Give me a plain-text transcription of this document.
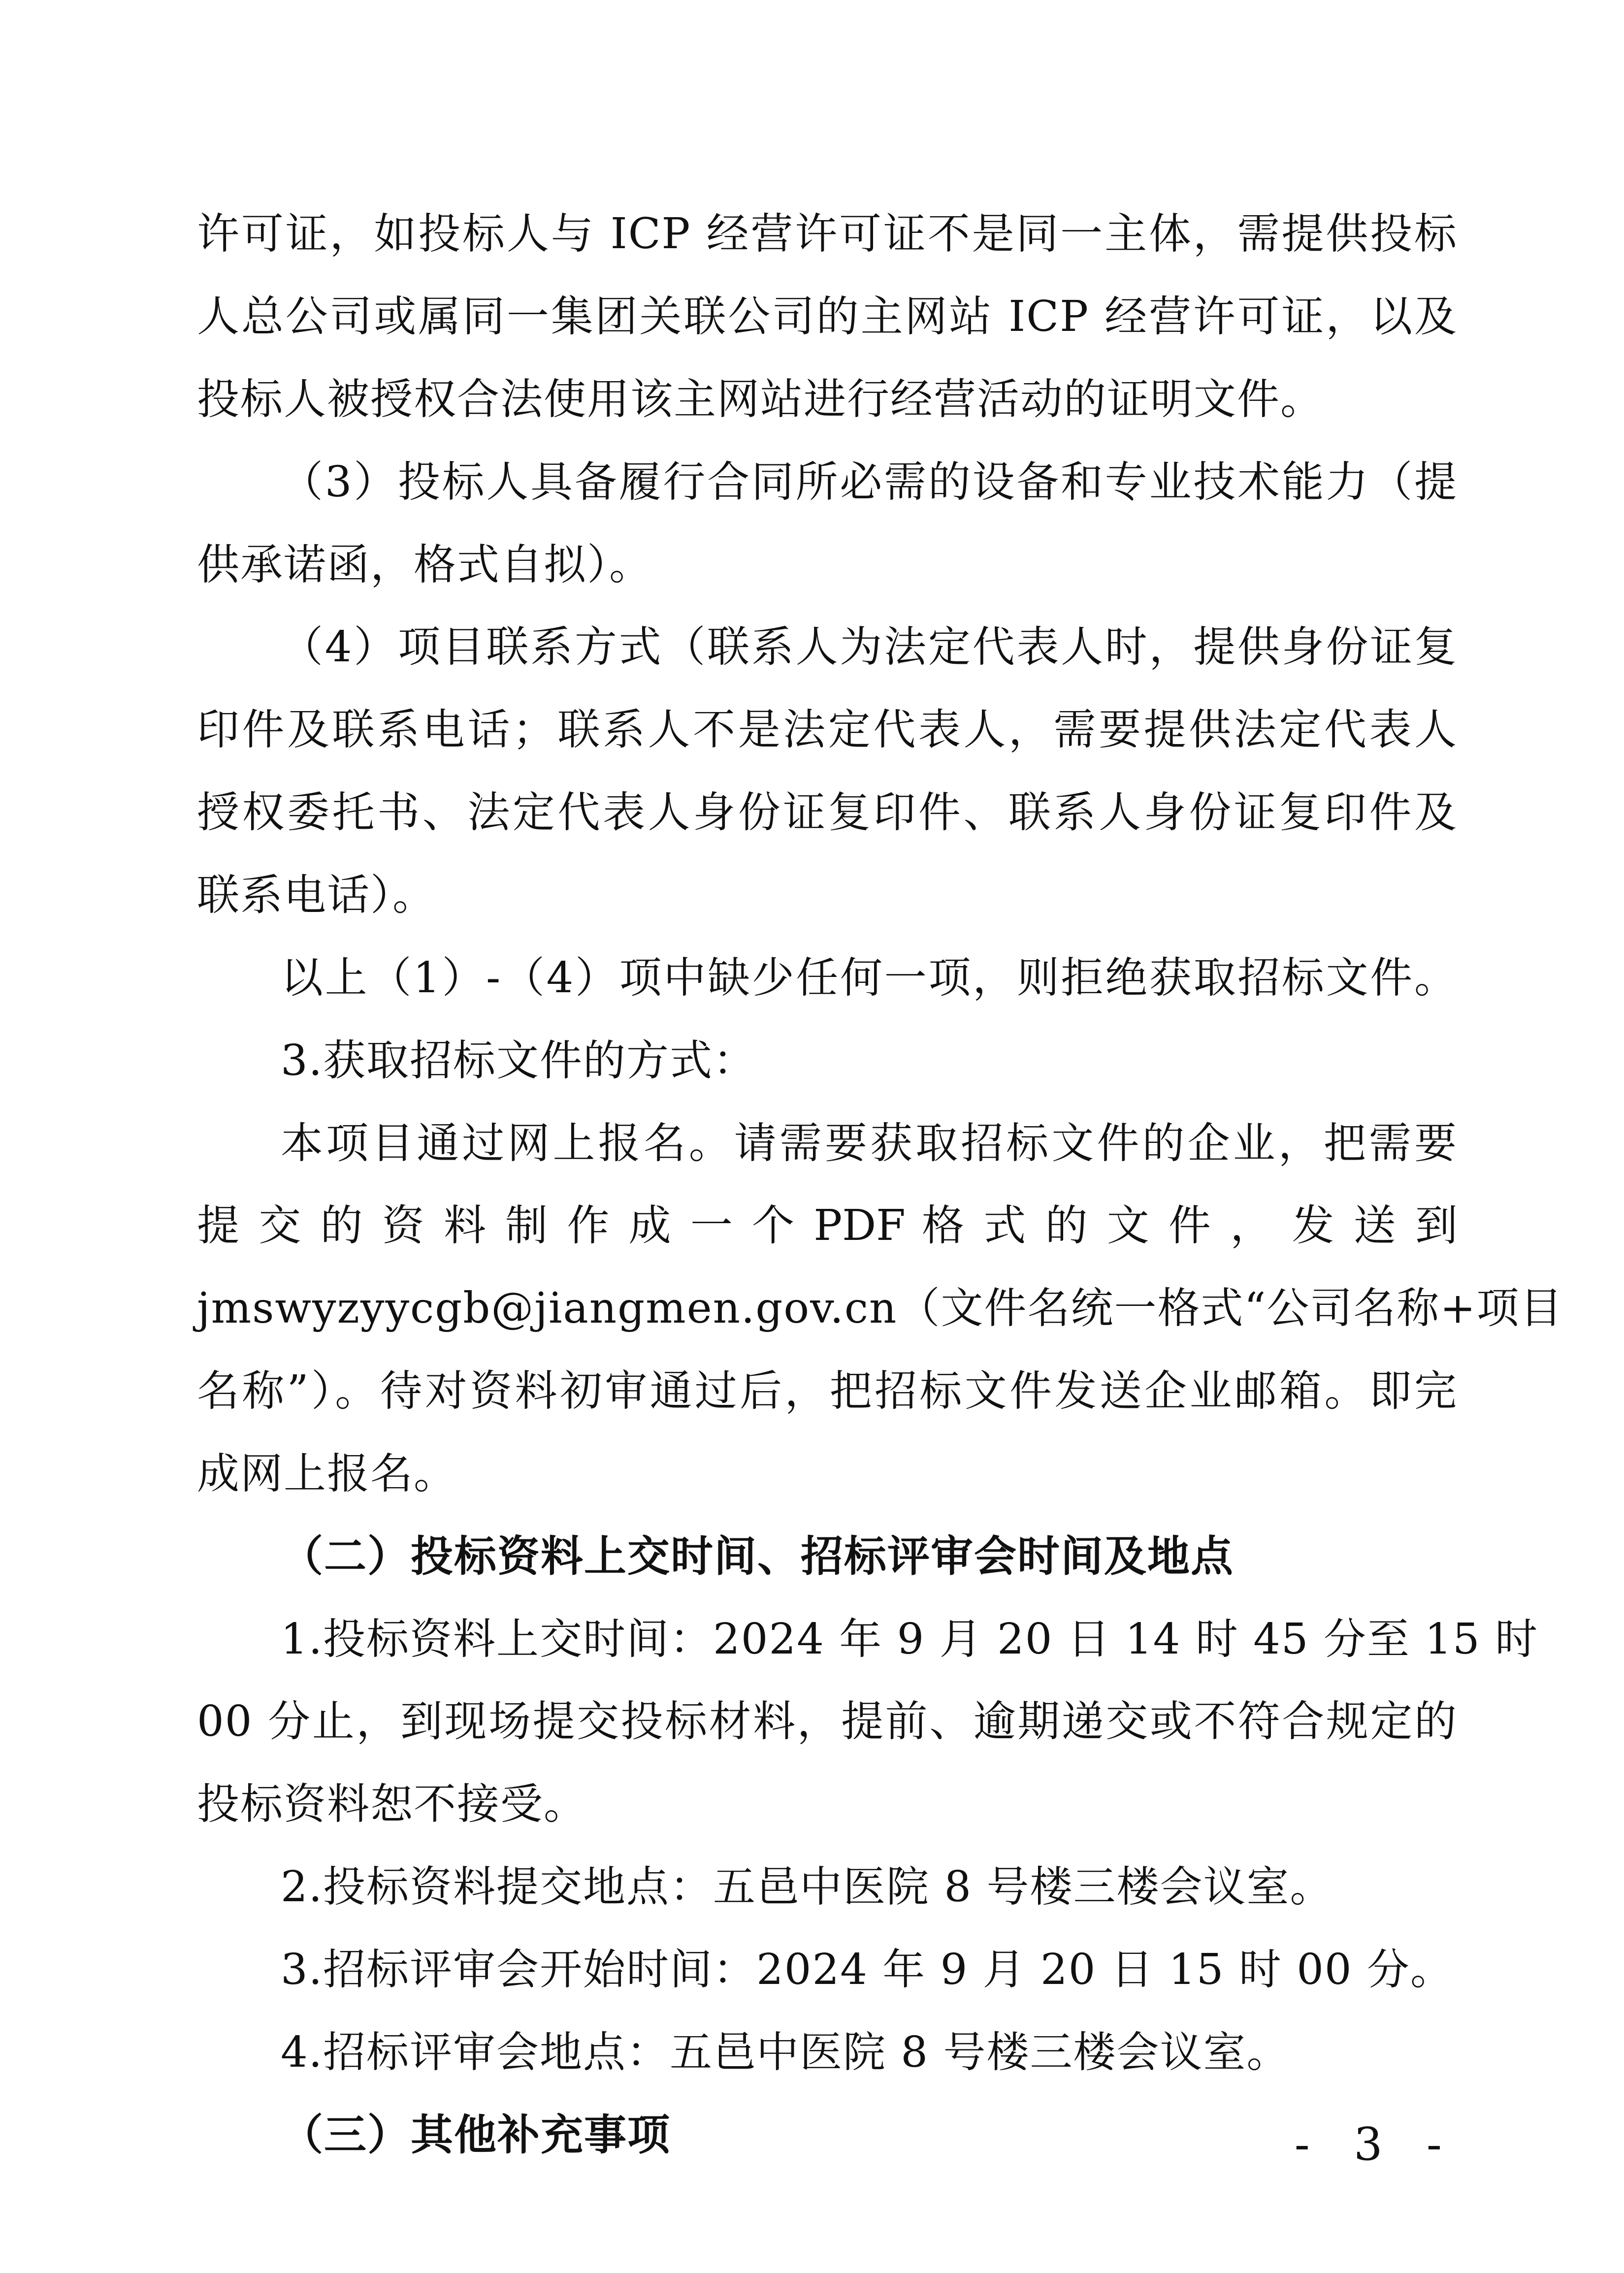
许可证，如投标人与 ICP 经营许可证不是同一主体，需提供投标
人总公司或属同一集团关联公司的主网站 ICP 经营许可证，以及
投标人被授权合法使用该主网站进行经营活动的证明文件。
（3）投标人具备履行合同所必需的设备和专业技术能力（提
供承诺函，格式自拟）。
（4）项目联系方式（联系人为法定代表人时，提供身份证复
印件及联系电话；联系人不是法定代表人，需要提供法定代表人
授权委托书、法定代表人身份证复印件、联系人身份证复印件及
联系电话）。
以上（1）-（4）项中缺少任何一项，则拒绝获取招标文件。
3.获取招标文件的方式：
本项目通过网上报名。请需要获取招标文件的企业，把需要
提 交 的 资 料 制 作 成 一 个 PDF 格 式 的 文 件 ， 发 送 到
jmswyzyycgb@jiangmen.gov.cn（文件名统一格式“公司名称+项目
名称”）。待对资料初审通过后，把招标文件发送企业邮箱。即完
成网上报名。
（二）投标资料上交时间、招标评审会时间及地点
1.投标资料上交时间：2024 年 9 月 20 日 14 时 45 分至 15 时
00 分止，到现场提交投标材料，提前、逾期递交或不符合规定的
投标资料恕不接受。
2.投标资料提交地点：五邑中医院 8 号楼三楼会议室。
3.招标评审会开始时间：2024 年 9 月 20 日 15 时 00 分。
4.招标评审会地点：五邑中医院 8 号楼三楼会议室。
（三）其他补充事项	- 3 -
